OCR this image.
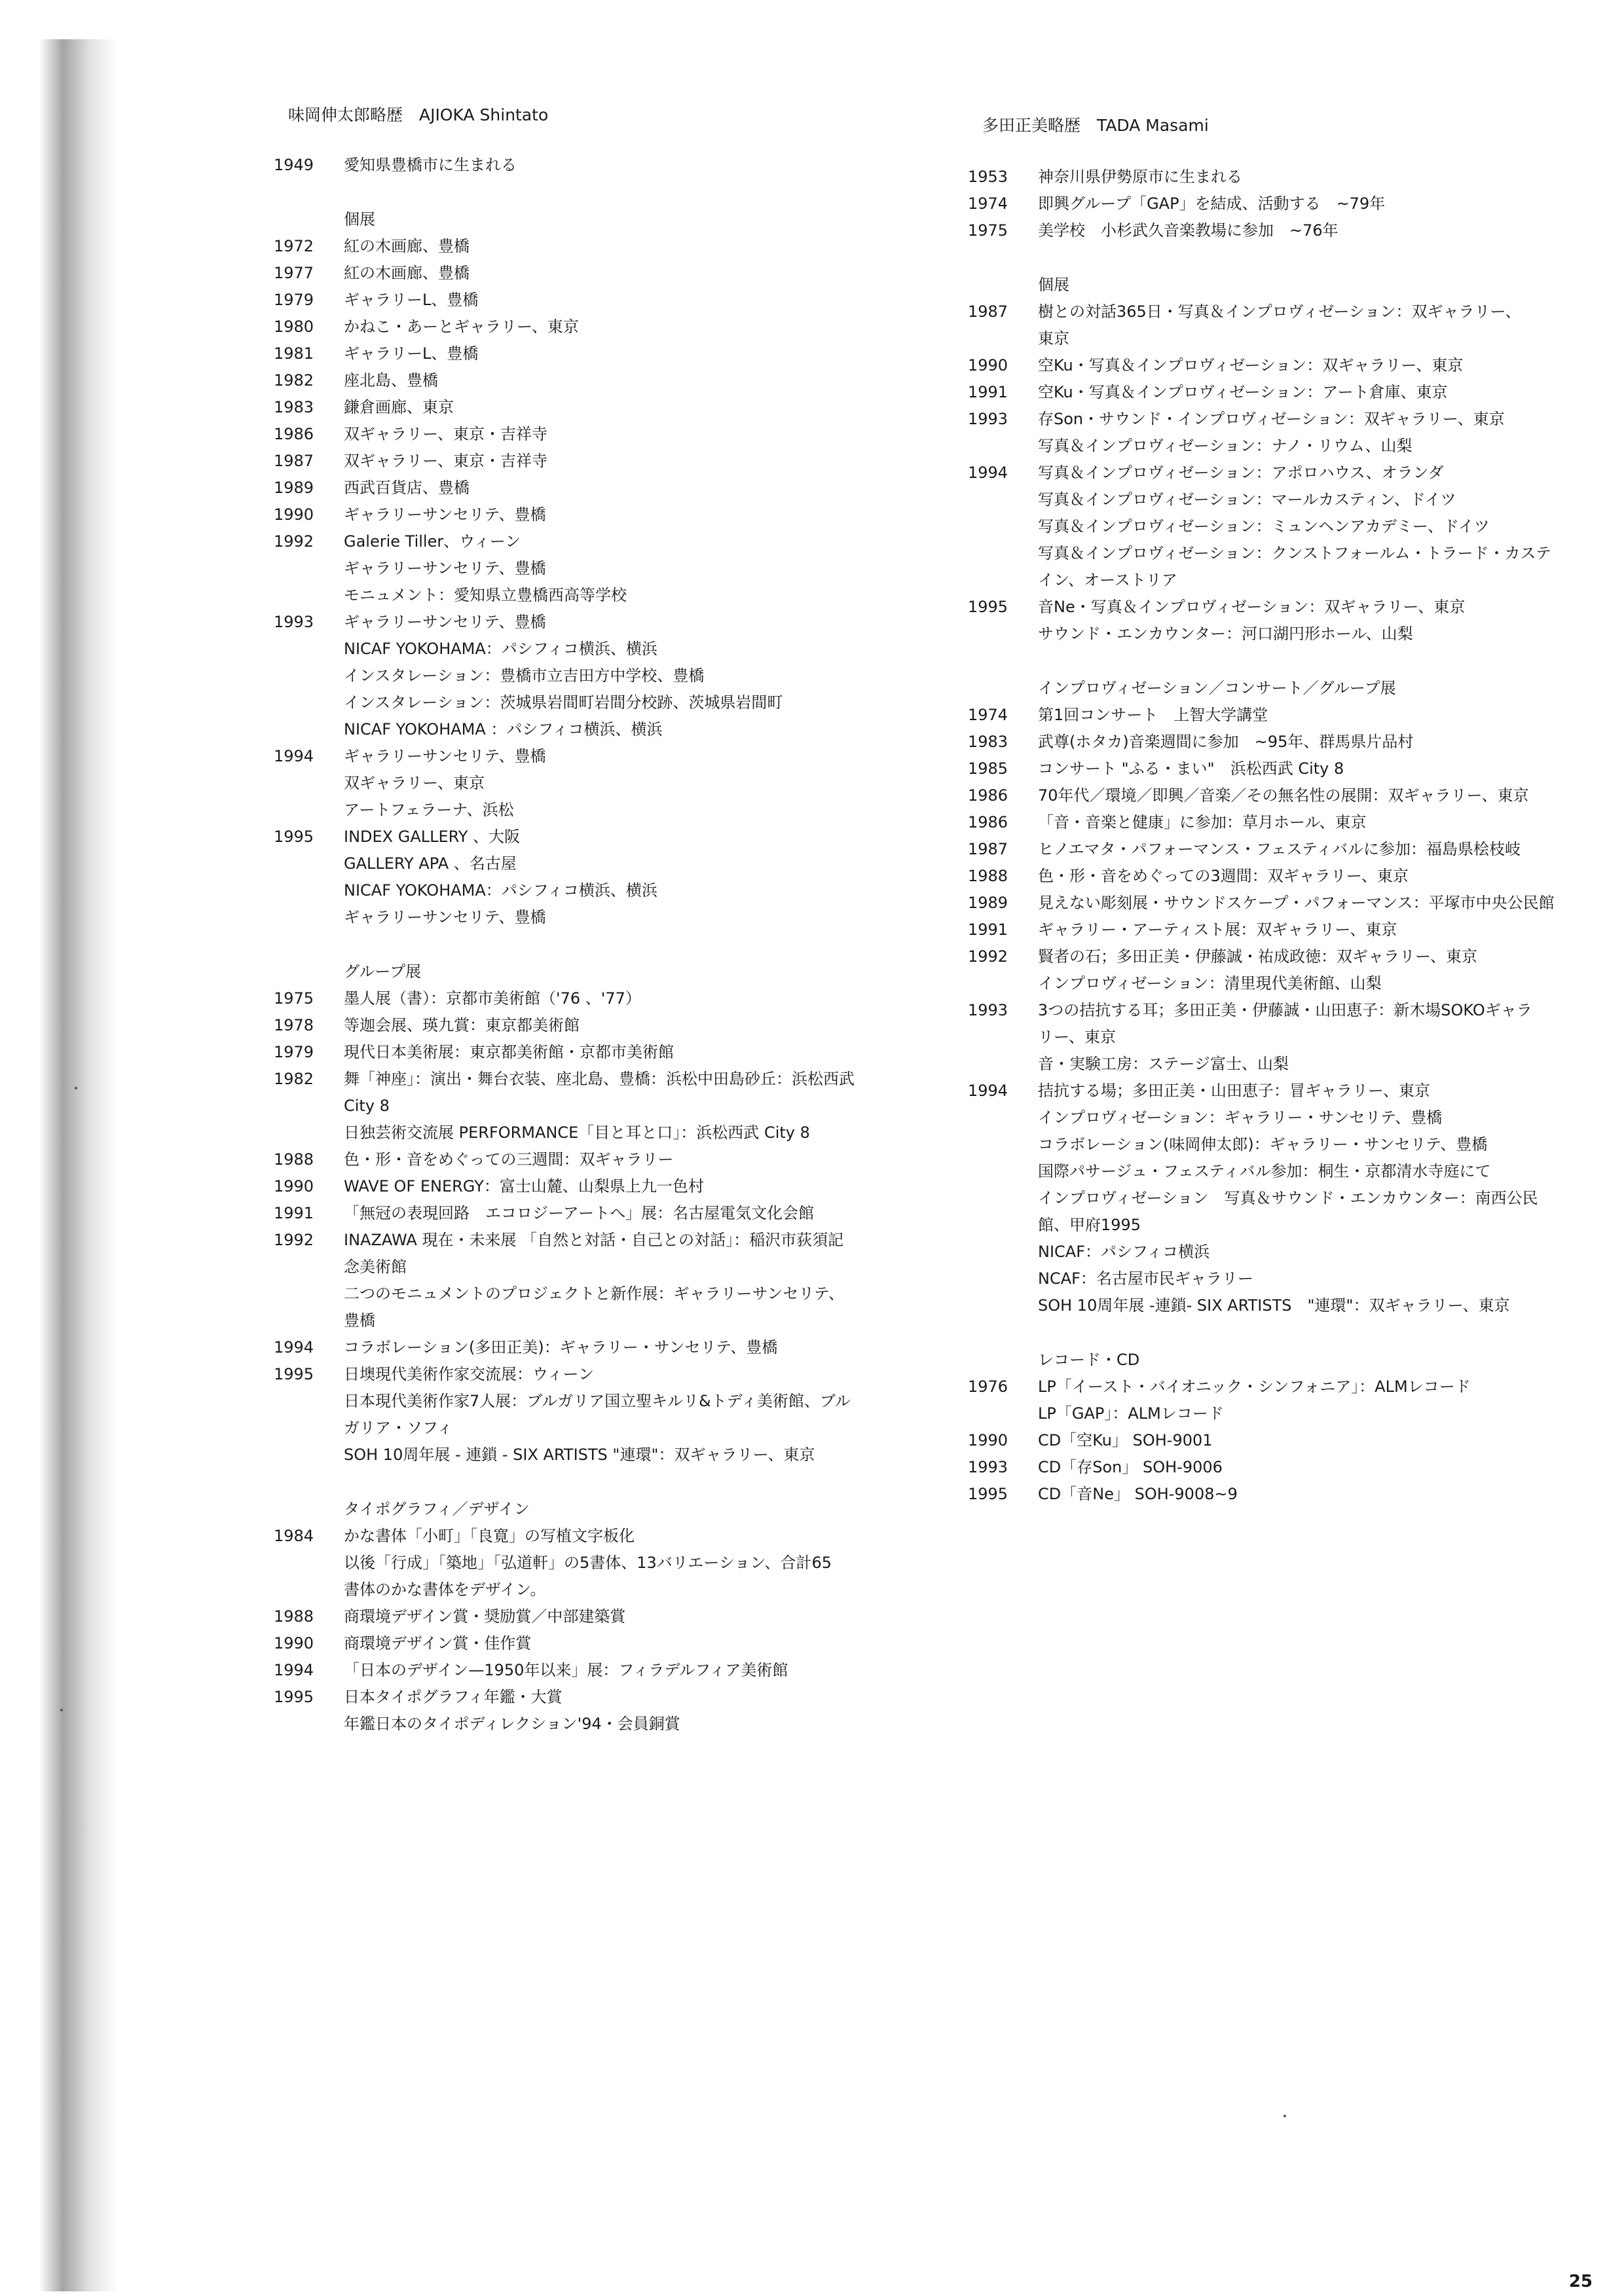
味岡伸太郎略歴　AJIOKA Shintato
1949	愛知県豊橋市に生まれる
個展
1972	紅の木画廊、豊橋
1977	紅の木画廊、豊橋
1979	ギャラリーL、豊橋
1980	かねこ・あーとギャラリー、東京
1981	ギャラリーL、豊橋
1982	座北島、豊橋
1983	鎌倉画廊、東京
1986	双ギャラリー、東京・吉祥寺
1987	双ギャラリー、東京・吉祥寺
1989	西武百貨店、豊橋
1990	ギャラリーサンセリテ、豊橋
1992	Galerie Tiller、ウィーン
ギャラリーサンセリテ、豊橋
モニュメント：愛知県立豊橋西高等学校
1993	ギャラリーサンセリテ、豊橋
NICAF YOKOHAMA：パシフィコ横浜、横浜
インスタレーション：豊橋市立吉田方中学校、豊橋
インスタレーション：茨城県岩間町岩間分校跡、茨城県岩間町
NICAF YOKOHAMA ：パシフィコ横浜、横浜
1994	ギャラリーサンセリテ、豊橋
双ギャラリー、東京
アートフェラーナ、浜松
1995	INDEX GALLERY 、大阪
GALLERY APA 、名古屋
NICAF YOKOHAMA：パシフィコ横浜、横浜
ギャラリーサンセリテ、豊橋
グループ展
1975	墨人展（書）：京都市美術館（'76 、'77）
1978	等迦会展、瑛九賞：東京都美術館
1979	現代日本美術展：東京都美術館・京都市美術館
1982	舞「神座」：演出・舞台衣装、座北島、豊橋：浜松中田島砂丘：浜松西武
City 8
日独芸術交流展 PERFORMANCE「目と耳と口」：浜松西武 City 8
1988	色・形・音をめぐっての三週間：双ギャラリー
1990	WAVE OF ENERGY：富士山麓、山梨県上九一色村
1991	「無冠の表現回路　エコロジーアートへ」展：名古屋電気文化会館
1992	INAZAWA 現在・未来展 「自然と対話・自己との対話」：稲沢市荻須記
念美術館
二つのモニュメントのプロジェクトと新作展：ギャラリーサンセリテ、
豊橋
1994	コラボレーション(多田正美)：ギャラリー・サンセリテ、豊橋
1995	日墺現代美術作家交流展：ウィーン
日本現代美術作家7人展：ブルガリア国立聖キルリ&トディ美術館、ブル
ガリア・ソフィ
SOH 10周年展 - 連鎖 - SIX ARTISTS "連環"：双ギャラリー、東京
タイポグラフィ／デザイン
1984	かな書体「小町」「良寛」の写植文字板化
以後「行成」「築地」「弘道軒」の5書体、13バリエーション、合計65
書体のかな書体をデザイン。
1988	商環境デザイン賞・奨励賞／中部建築賞
1990	商環境デザイン賞・佳作賞
1994	「日本のデザイン—1950年以来」展：フィラデルフィア美術館
1995	日本タイポグラフィ年鑑・大賞
年鑑日本のタイポディレクション'94・会員銅賞
多田正美略歴　TADA Masami
1953	神奈川県伊勢原市に生まれる
1974	即興グループ「GAP」を結成、活動する　~79年
1975	美学校　小杉武久音楽教場に参加　~76年
個展
1987	樹との対話365日・写真＆インプロヴィゼーション：双ギャラリー、
東京
1990	空Ku・写真＆インプロヴィゼーション：双ギャラリー、東京
1991	空Ku・写真＆インプロヴィゼーション：アート倉庫、東京
1993	存Son・サウンド・インプロヴィゼーション：双ギャラリー、東京
写真＆インプロヴィゼーション：ナノ・リウム、山梨
1994	写真＆インプロヴィゼーション：アポロハウス、オランダ
写真＆インプロヴィゼーション：マールカスティン、ドイツ
写真＆インプロヴィゼーション：ミュンヘンアカデミー、ドイツ
写真＆インプロヴィゼーション：クンストフォールム・トラード・カステ
イン、オーストリア
1995	音Ne・写真＆インプロヴィゼーション：双ギャラリー、東京
サウンド・エンカウンター：河口湖円形ホール、山梨
インプロヴィゼーション／コンサート／グループ展
1974	第1回コンサート　上智大学講堂
1983	武尊(ホタカ)音楽週間に参加　~95年、群馬県片品村
1985	コンサート "ふる・まい"　浜松西武 City 8
1986	70年代／環境／即興／音楽／その無名性の展開：双ギャラリー、東京
1986	「音・音楽と健康」に参加：草月ホール、東京
1987	ヒノエマタ・パフォーマンス・フェスティバルに参加：福島県桧枝岐
1988	色・形・音をめぐっての3週間：双ギャラリー、東京
1989	見えない彫刻展・サウンドスケープ・パフォーマンス：平塚市中央公民館
1991	ギャラリー・アーティスト展：双ギャラリー、東京
1992	賢者の石；多田正美・伊藤誠・祐成政徳：双ギャラリー、東京
インプロヴィゼーション：清里現代美術館、山梨
1993	3つの拮抗する耳；多田正美・伊藤誠・山田恵子：新木場SOKOギャラ
リー、東京
音・実験工房：ステージ富士、山梨
1994	拮抗する場；多田正美・山田恵子：冒ギャラリー、東京
インプロヴィゼーション：ギャラリー・サンセリテ、豊橋
コラボレーション(味岡伸太郎)：ギャラリー・サンセリテ、豊橋
国際パサージュ・フェスティバル参加：桐生・京都清水寺庭にて
インプロヴィゼーション　写真＆サウンド・エンカウンター：南西公民
館、甲府1995
NICAF：パシフィコ横浜
NCAF：名古屋市民ギャラリー
SOH 10周年展 -連鎖- SIX ARTISTS　"連環"：双ギャラリー、東京
レコード・CD
1976	LP「イースト・バイオニック・シンフォニア」：ALMレコード
LP「GAP」：ALMレコード
1990	CD「空Ku」 SOH-9001
1993	CD「存Son」 SOH-9006
1995	CD「音Ne」 SOH-9008~9
25
